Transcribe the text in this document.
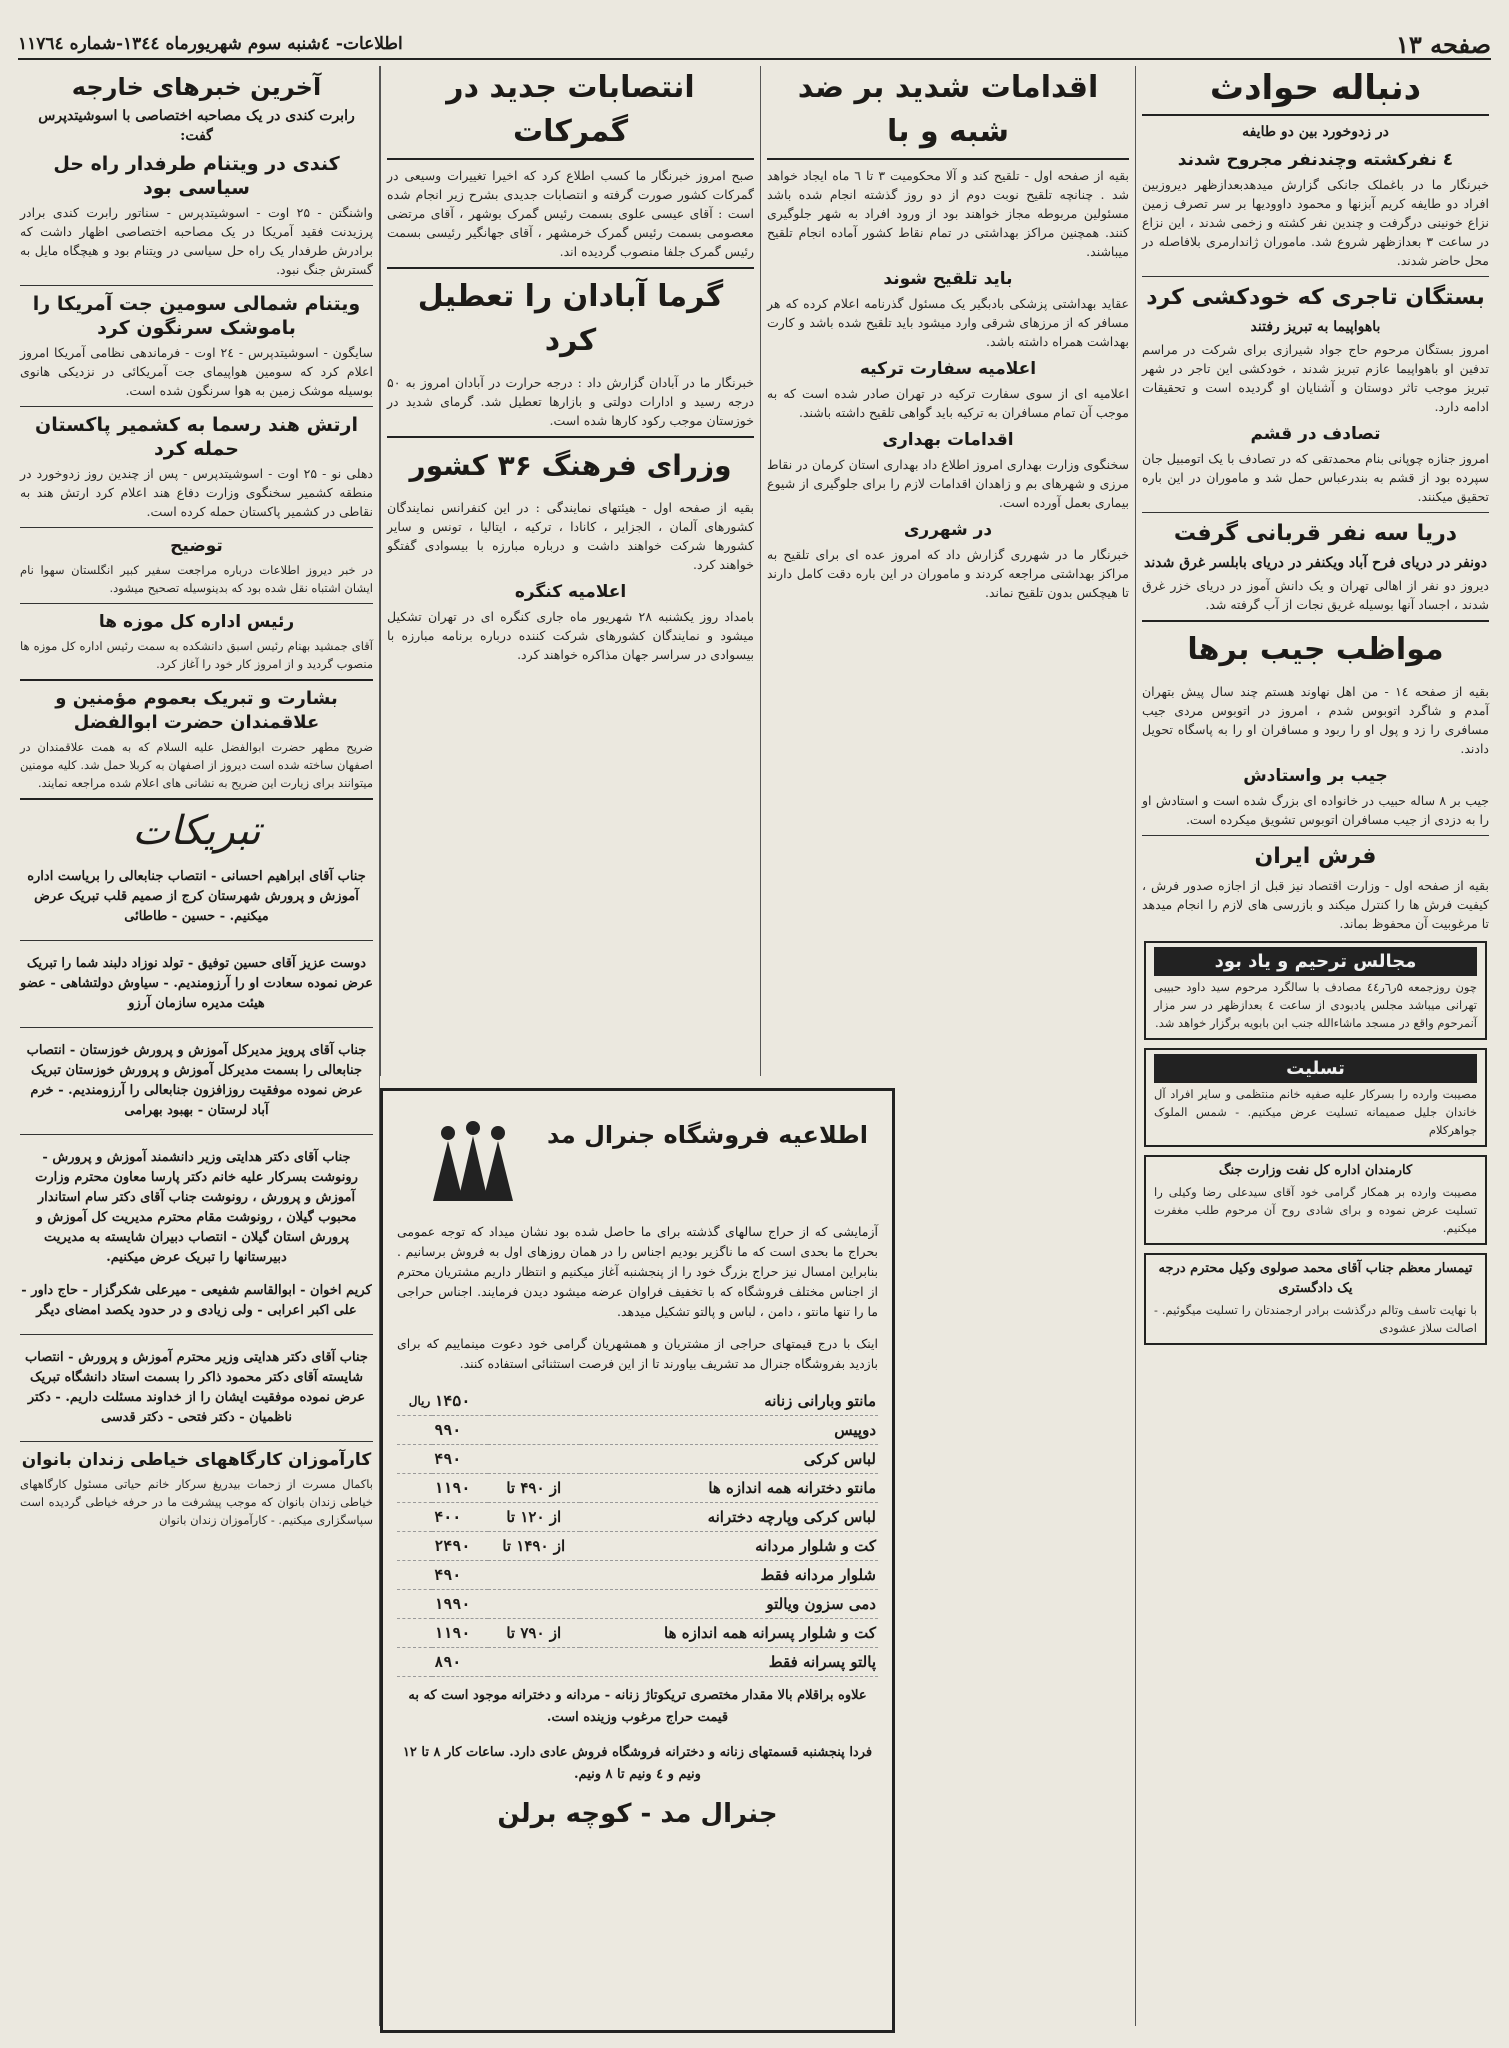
صفحه ۱۳
اطلاعات- ٤شنبه سوم شهریورماه ۱۳٤٤-شماره ۱۱٧٦٤
دنباله حوادث
در زدوخورد بین دو طایفه
٤ نفرکشته وچندنفر مجروح شدند

خبرنگار ما در باغملک جانکی گزارش میدهدبعدازظهر دیروزبین افراد دو طایفه کریم آبزنها و محمود داوودیها بر سر تصرف زمین نزاع خونینی درگرفت و چندین نفر کشته و زخمی شدند ، این نزاع در ساعت ۳ بعدازظهر شروع شد. ماموران ژاندارمری بلافاصله در محل حاضر شدند.

بستگان تاجری که خودکشی کرد
باهواپیما به تبریز رفتند

امروز بستگان مرحوم حاج جواد شیرازی برای شرکت در مراسم تدفین او باهواپیما عازم تبریز شدند ، خودکشی این تاجر در شهر تبریز موجب تاثر دوستان و آشنایان او گردیده است و تحقیقات ادامه دارد.

تصادف در قشم

امروز جنازه چوپانی بنام محمدتقی که در تصادف با یک اتومبیل جان سپرده بود از قشم به بندرعباس حمل شد و ماموران در این باره تحقیق میکنند.

دریا سه نفر قربانی گرفت
دونفر در دریای فرح آباد ویکنفر در دریای بابلسر غرق شدند

دیروز دو نفر از اهالی تهران و یک دانش آموز در دریای خزر غرق شدند ، اجساد آنها بوسیله غریق نجات از آب گرفته شد.

مواظب جیب برها

بقیه از صفحه ۱٤ - من اهل نهاوند هستم چند سال پیش بتهران آمدم و شاگرد اتوبوس شدم ، امروز در اتوبوس مردی جیب مسافری را زد و پول او را ربود و مسافران او را به پاسگاه تحویل دادند.

جیب بر واستادش

جیب بر ۸ ساله حبیب در خانواده ای بزرگ شده است و استادش او را به دزدی از جیب مسافران اتوبوس تشویق میکرده است.

فرش ایران

بقیه از صفحه اول - وزارت اقتصاد نیز قبل از اجازه صدور فرش ، کیفیت فرش ها را کنترل میکند و بازرسی های لازم را انجام میدهد تا مرغوبیت آن محفوظ بماند.

مجالس ترحیم و یاد بود

چون روزجمعه ۵ر٦ر٤٤ مصادف با سالگرد مرحوم سید داود حبیبی تهرانی میباشد مجلس یادبودی از ساعت ٤ بعدازظهر در سر مزار آنمرحوم واقع در مسجد ماشاءالله جنب ابن بابویه برگزار خواهد شد.

تسلیت

مصیبت وارده را بسرکار علیه صفیه خانم منتظمی و سایر افراد آل خاندان جلیل صمیمانه تسلیت عرض میکنیم. - شمس الملوک جواهرکلام

کارمندان اداره کل نفت وزارت جنگ

مصیبت وارده بر همکار گرامی خود آقای سیدعلی رضا وکیلی را تسلیت عرض نموده و برای شادی روح آن مرحوم طلب مغفرت میکنیم.

تیمسار معظم جناب آقای محمد صولوی وکیل محترم درجه یک دادگستری

با نهایت تاسف وتالم درگذشت برادر ارجمندتان را تسلیت میگوئیم. - اصالت سلاز عشودی

اقدامات شدید بر ضد شبه و با

بقیه از صفحه اول - تلقیح کند و آلا محکومیت ۳ تا ٦ ماه ایجاد خواهد شد . چنانچه تلقیح نوبت دوم از دو روز گذشته انجام شده باشد مسئولین مربوطه مجاز خواهند بود از ورود افراد به شهر جلوگیری کنند. همچنین مراکز بهداشتی در تمام نقاط کشور آماده انجام تلقیح میباشند.

باید تلقیح شوند

عقاید بهداشتی پزشکی بادبگیر یک مسئول گذرنامه اعلام کرده که هر مسافر که از مرزهای شرقی وارد میشود باید تلقیح شده باشد و کارت بهداشت همراه داشته باشد.

اعلامیه سفارت ترکیه

اعلامیه ای از سوی سفارت ترکیه در تهران صادر شده است که به موجب آن تمام مسافران به ترکیه باید گواهی تلقیح داشته باشند.

اقدامات بهداری

سخنگوی وزارت بهداری امروز اطلاع داد بهداری استان کرمان در نقاط مرزی و شهرهای بم و زاهدان اقدامات لازم را برای جلوگیری از شیوع بیماری بعمل آورده است.

در شهرری

خبرنگار ما در شهرری گزارش داد که امروز عده ای برای تلقیح به مراکز بهداشتی مراجعه کردند و ماموران در این باره دقت کامل دارند تا هیچکس بدون تلقیح نماند.

انتصابات جدید در گمرکات

صبح امروز خبرنگار ما کسب اطلاع کرد که اخیرا تغییرات وسیعی در گمرکات کشور صورت گرفته و انتصابات جدیدی بشرح زیر انجام شده است : آقای عیسی علوی بسمت رئیس گمرک بوشهر ، آقای مرتضی معصومی بسمت رئیس گمرک خرمشهر ، آقای جهانگیر رئیسی بسمت رئیس گمرک جلفا منصوب گردیده اند.

گرما آبادان را تعطیل کرد

خبرنگار ما در آبادان گزارش داد : درجه حرارت در آبادان امروز به ۵۰ درجه رسید و ادارات دولتی و بازارها تعطیل شد. گرمای شدید در خوزستان موجب رکود کارها شده است.

وزرای فرهنگ ۳۶ کشور

بقیه از صفحه اول - هیئتهای نمایندگی : در این کنفرانس نمایندگان کشورهای آلمان ، الجزایر ، کانادا ، ترکیه ، ایتالیا ، تونس و سایر کشورها شرکت خواهند داشت و درباره مبارزه با بیسوادی گفتگو خواهند کرد.

اعلامیه کنگره

بامداد روز یکشنبه ۲٨ شهریور ماه جاری کنگره ای در تهران تشکیل میشود و نمایندگان کشورهای شرکت کننده درباره برنامه مبارزه با بیسوادی در سراسر جهان مذاکره خواهند کرد.

آخرین خبرهای خارجه
رابرت کندی در یک مصاحبه اختصاصی با اسوشیتدپرس گفت:
کندی در ویتنام طرفدار راه حل سیاسی بود

واشنگتن - ۲۵ اوت - اسوشیتدپرس - سناتور رابرت کندی برادر پرزیدنت فقید آمریکا در یک مصاحبه اختصاصی اظهار داشت که برادرش طرفدار یک راه حل سیاسی در ویتنام بود و هیچگاه مایل به گسترش جنگ نبود.

ویتنام شمالی سومین جت آمریکا را باموشک سرنگون کرد

سایگون - اسوشیتدپرس - ۲٤ اوت - فرماندهی نظامی آمریکا امروز اعلام کرد که سومین هواپیمای جت آمریکائی در نزدیکی هانوی بوسیله موشک زمین به هوا سرنگون شده است.

ارتش هند رسما به کشمیر پاکستان حمله کرد

دهلی نو - ۲۵ اوت - اسوشیتدپرس - پس از چندین روز زدوخورد در منطقه کشمیر سخنگوی وزارت دفاع هند اعلام کرد ارتش هند به نقاطی در کشمیر پاکستان حمله کرده است.

توضیح

در خبر دیروز اطلاعات درباره مراجعت سفیر کبیر انگلستان سهوا نام ایشان اشتباه نقل شده بود که بدینوسیله تصحیح میشود.

رئیس اداره کل موزه ها

آقای جمشید بهنام رئیس اسبق دانشکده به سمت رئیس اداره کل موزه ها منصوب گردید و از امروز کار خود را آغاز کرد.

بشارت و تبریک بعموم مؤمنین و علاقمندان حضرت ابوالفضل

ضریح مطهر حضرت ابوالفضل علیه السلام که به همت علاقمندان در اصفهان ساخته شده است دیروز از اصفهان به کربلا حمل شد. کلیه مومنین میتوانند برای زیارت این ضریح به نشانی های اعلام شده مراجعه نمایند.

تبریکات

جناب آقای ابراهیم احسانی - انتصاب جنابعالی را بریاست اداره آموزش و پرورش شهرستان کرج از صمیم قلب تبریک عرض میکنیم. - حسین - طاطائی

دوست عزیز آقای حسین توفیق - تولد نوزاد دلبند شما را تبریک عرض نموده سعادت او را آرزومندیم. - سیاوش دولتشاهی - عضو هیئت مدیره سازمان آرزو

جناب آقای پرویز مدیرکل آموزش و پرورش خوزستان - انتصاب جنابعالی را بسمت مدیرکل آموزش و پرورش خوزستان تبریک عرض نموده موفقیت روزافزون جنابعالی را آرزومندیم. - خرم آباد لرستان - بهبود بهرامی

جناب آقای دکتر هدایتی وزیر دانشمند آموزش و پرورش - رونوشت بسرکار علیه خانم دکتر پارسا معاون محترم وزارت آموزش و پرورش ، رونوشت جناب آقای دکتر سام استاندار محبوب گیلان ، رونوشت مقام محترم مدیریت کل آموزش و پرورش استان گیلان - انتصاب دبیران شایسته به مدیریت دبیرستانها را تبریک عرض میکنیم.

کریم اخوان - ابوالقاسم شفیعی - میرعلی شکرگزار - حاج داور - علی اکبر اعرابی - ولی زیادی و در حدود یکصد امضای دیگر

جناب آقای دکتر هدایتی وزیر محترم آموزش و پرورش - انتصاب شایسته آقای دکتر محمود ذاکر را بسمت استاد دانشگاه تبریک عرض نموده موفقیت ایشان را از خداوند مسئلت داریم. - دکتر ناظمیان - دکتر فتحی - دکتر قدسی

کارآموزان کارگاههای خیاطی زندان بانوان

باکمال مسرت از زحمات بیدریغ سرکار خانم حیاتی مسئول کارگاههای خیاطی زندان بانوان که موجب پیشرفت ما در حرفه خیاطی گردیده است سپاسگزاری میکنیم. - کارآموزان زندان بانوان

اطلاعیه فروشگاه جنرال مد

آزمایشی که از حراج سالهای گذشته برای ما حاصل شده بود نشان میداد که توجه عمومی بحراج ما بحدی است که ما ناگزیر بودیم اجناس را در همان روزهای اول به فروش برسانیم . بنابراین امسال نیز حراج بزرگ خود را از پنجشنبه آغاز میکنیم و انتظار داریم مشتریان محترم از اجناس مختلف فروشگاه که با تخفیف فراوان عرضه میشود دیدن فرمایند. اجناس حراجی ما را تنها مانتو ، دامن ، لباس و پالتو تشکیل میدهد.

اینک با درج قیمتهای حراجی از مشتریان و همشهریان گرامی خود دعوت مینماییم که برای بازدید بفروشگاه جنرال مد تشریف بیاورند تا از این فرصت استثنائی استفاده کنند.

مانتو وبارانی زنانه		۱۴۵۰	ریال
دوپیس		۹۹۰	
لباس کرکی		۴۹۰	
مانتو دخترانه همه اندازه ها	از ۴۹۰ تا	۱۱۹۰	
لباس کرکی وپارچه دخترانه	از ۱۲۰ تا	۴۰۰	
کت و شلوار مردانه	از ۱۴۹۰ تا	۲۴۹۰	
شلوار مردانه فقط		۴۹۰	
دمی سزون ویالتو		۱۹۹۰	
کت و شلوار پسرانه همه اندازه ها	از ۷۹۰ تا	۱۱۹۰	
پالتو پسرانه فقط		۸۹۰	

علاوه براقلام بالا مقدار مختصری تریکوتاژ زنانه - مردانه و دخترانه موجود است که به قیمت حراج مرغوب وزینده است.

فردا پنجشنبه قسمتهای زنانه و دخترانه فروشگاه فروش عادی دارد. ساعات کار ٨ تا ۱۲ ونیم و ٤ ونیم تا ٨ ونیم.

جنرال مد - کوچه برلن
